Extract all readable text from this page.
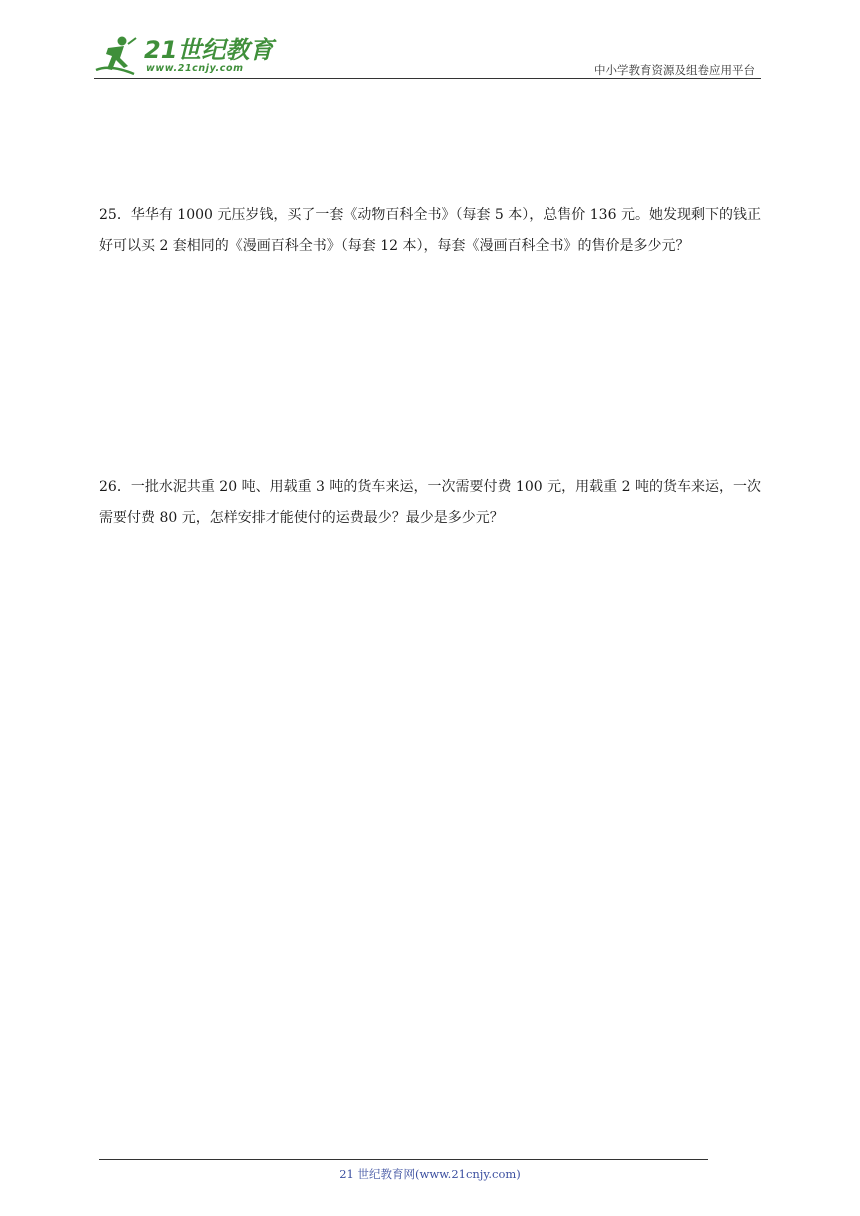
21世纪教育
www.21cnjy.com	中小学教育资源及组卷应用平台
25．华华有 1000 元压岁钱，买了一套《动物百科全书》（每套 5 本），总售价 136 元。她发现剩下的钱正好可以买 2 套相同的《漫画百科全书》（每套 12 本），每套《漫画百科全书》的售价是多少元？
26．一批水泥共重 20 吨、用载重 3 吨的货车来运，一次需要付费 100 元，用载重 2 吨的货车来运，一次需要付费 80 元，怎样安排才能使付的运费最少？最少是多少元？
21 世纪教育网(www.21cnjy.com)
